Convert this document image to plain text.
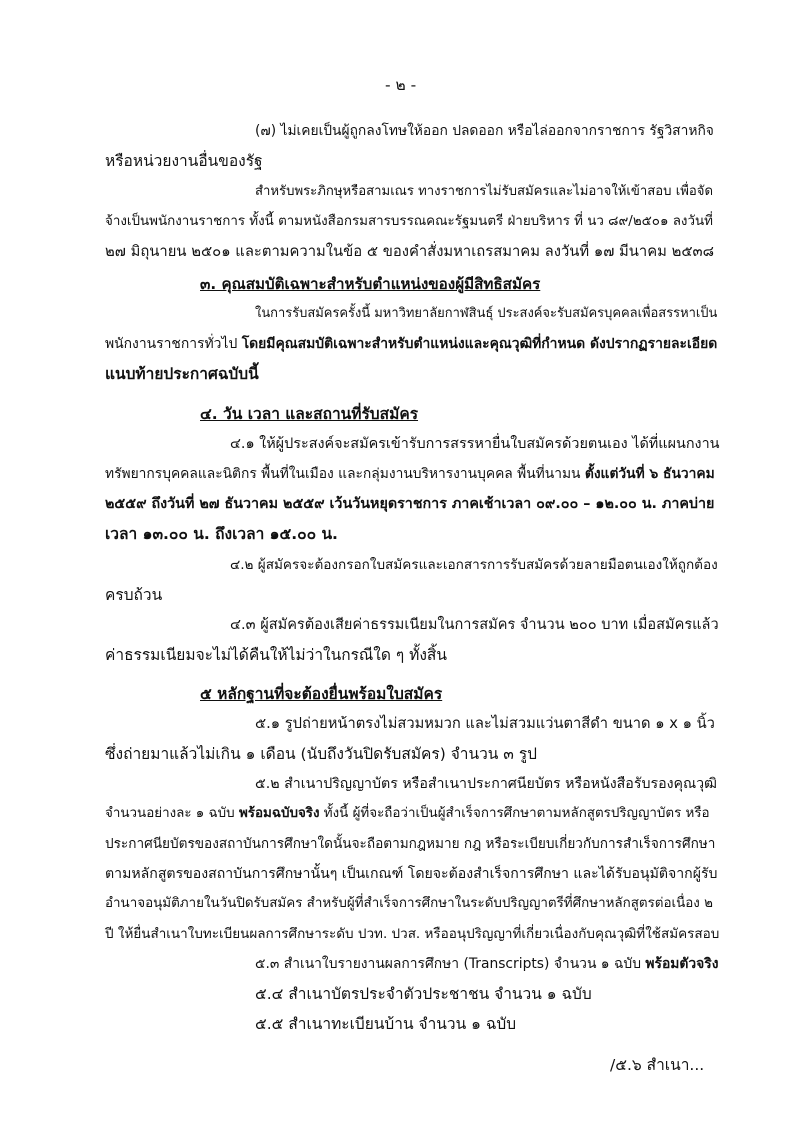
- ๒ -
(๗) ไม่เคยเป็นผู้ถูกลงโทษให้ออก ปลดออก หรือไล่ออกจากราชการ รัฐวิสาหกิจ
หรือหน่วยงานอื่นของรัฐ
สำหรับพระภิกษุหรือสามเณร ทางราชการไม่รับสมัครและไม่อาจให้เข้าสอบ เพื่อจัด
จ้างเป็นพนักงานราชการ ทั้งนี้ ตามหนังสือกรมสารบรรณคณะรัฐมนตรี ฝ่ายบริหาร ที่ นว ๘๙/๒๕๐๑ ลงวันที่
๒๗ มิถุนายน ๒๕๐๑ และตามความในข้อ ๕ ของคำสั่งมหาเถรสมาคม ลงวันที่ ๑๗ มีนาคม ๒๕๓๘
๓. คุณสมบัติเฉพาะสำหรับตำแหน่งของผู้มีสิทธิสมัคร
ในการรับสมัครครั้งนี้ มหาวิทยาลัยกาฬสินธุ์ ประสงค์จะรับสมัครบุคคลเพื่อสรรหาเป็น
พนักงานราชการทั่วไป โดยมีคุณสมบัติเฉพาะสำหรับตำแหน่งและคุณวุฒิที่กำหนด ดังปรากฏรายละเอียด
แนบท้ายประกาศฉบับนี้
๔. วัน เวลา และสถานที่รับสมัคร
๔.๑ ให้ผู้ประสงค์จะสมัครเข้ารับการสรรหายื่นใบสมัครด้วยตนเอง ได้ที่แผนกงาน
ทรัพยากรบุคคลและนิติกร พื้นที่ในเมือง และกลุ่มงานบริหารงานบุคคล พื้นที่นามน ตั้งแต่วันที่ ๖ ธันวาคม
๒๕๕๙ ถึงวันที่ ๒๗ ธันวาคม ๒๕๕๙ เว้นวันหยุดราชการ ภาคเช้าเวลา ๐๙.๐๐ – ๑๒.๐๐ น. ภาคบ่าย
เวลา ๑๓.๐๐ น. ถึงเวลา ๑๕.๐๐ น.
๔.๒ ผู้สมัครจะต้องกรอกใบสมัครและเอกสารการรับสมัครด้วยลายมือตนเองให้ถูกต้อง
ครบถ้วน
๔.๓ ผู้สมัครต้องเสียค่าธรรมเนียมในการสมัคร จำนวน ๒๐๐ บาท เมื่อสมัครแล้ว
ค่าธรรมเนียมจะไม่ได้คืนให้ไม่ว่าในกรณีใด ๆ ทั้งสิ้น
๕ หลักฐานที่จะต้องยื่นพร้อมใบสมัคร
๕.๑ รูปถ่ายหน้าตรงไม่สวมหมวก และไม่สวมแว่นตาสีดำ ขนาด ๑ x ๑ นิ้ว
ซึ่งถ่ายมาแล้วไม่เกิน ๑ เดือน (นับถึงวันปิดรับสมัคร) จำนวน ๓ รูป
๕.๒ สำเนาปริญญาบัตร หรือสำเนาประกาศนียบัตร หรือหนังสือรับรองคุณวุฒิ
จำนวนอย่างละ ๑ ฉบับ พร้อมฉบับจริง ทั้งนี้ ผู้ที่จะถือว่าเป็นผู้สำเร็จการศึกษาตามหลักสูตรปริญญาบัตร หรือ
ประกาศนียบัตรของสถาบันการศึกษาใดนั้นจะถือตามกฎหมาย กฎ หรือระเบียบเกี่ยวกับการสำเร็จการศึกษา
ตามหลักสูตรของสถาบันการศึกษานั้นๆ เป็นเกณฑ์ โดยจะต้องสำเร็จการศึกษา และได้รับอนุมัติจากผู้รับ
อำนาจอนุมัติภายในวันปิดรับสมัคร สำหรับผู้ที่สำเร็จการศึกษาในระดับปริญญาตรีที่ศึกษาหลักสูตรต่อเนื่อง ๒
ปี ให้ยื่นสำเนาใบทะเบียนผลการศึกษาระดับ ปวท. ปวส. หรืออนุปริญญาที่เกี่ยวเนื่องกับคุณวุฒิที่ใช้สมัครสอบ
๕.๓ สำเนาใบรายงานผลการศึกษา (Transcripts) จำนวน ๑ ฉบับ พร้อมตัวจริง
๕.๔ สำเนาบัตรประจำตัวประชาชน จำนวน ๑ ฉบับ
๕.๕ สำเนาทะเบียนบ้าน จำนวน ๑ ฉบับ
/๕.๖ สำเนา...
